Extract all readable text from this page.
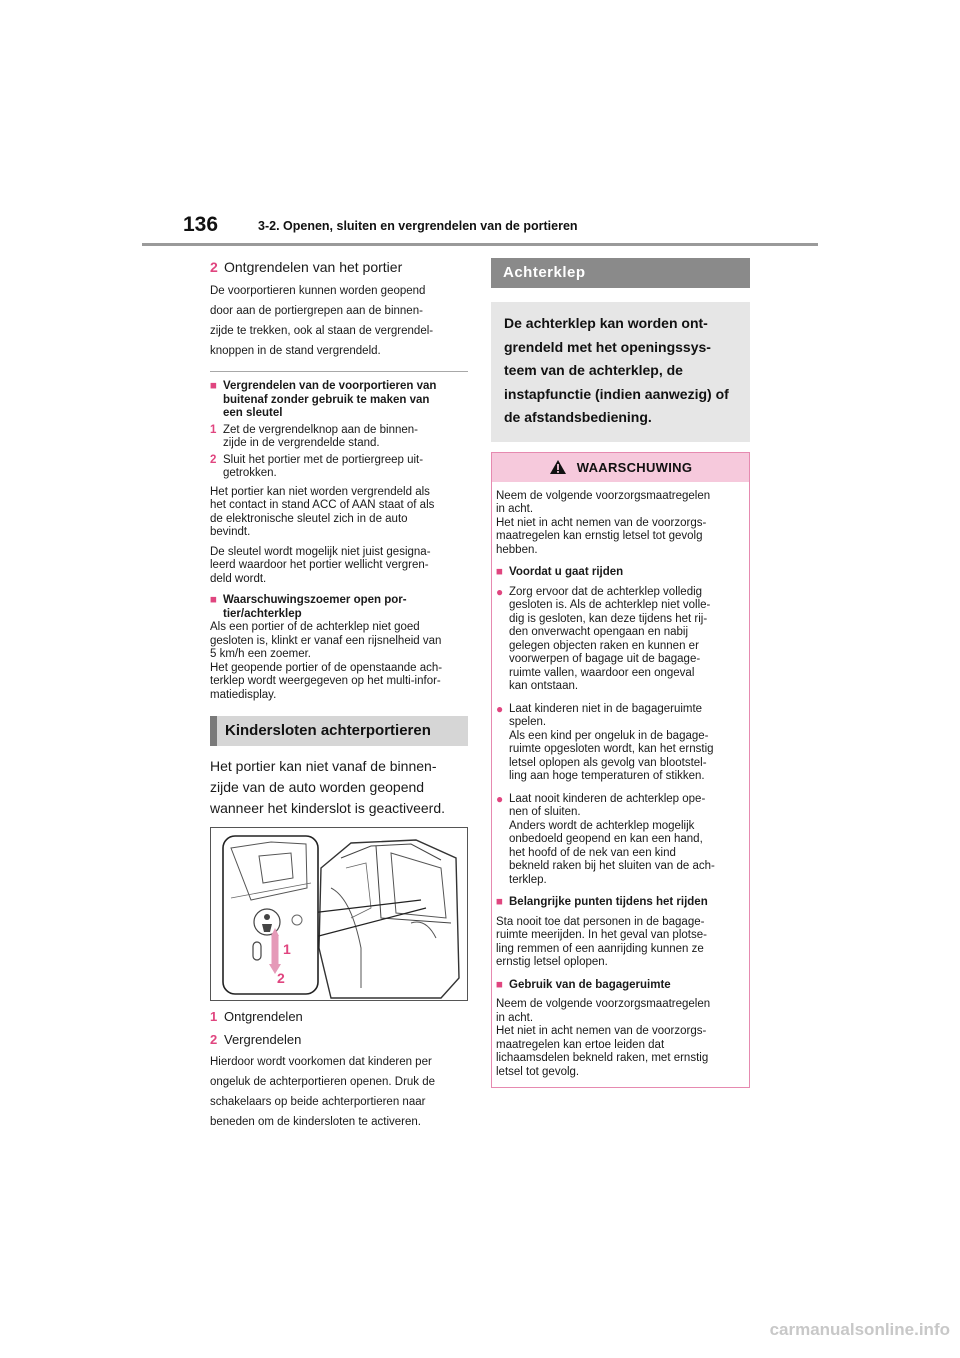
136	3-2. Openen, sluiten en vergrendelen van de portieren
2 Ontgrendelen van het portier

De voorportieren kunnen worden geopend
door aan de portiergrepen aan de binnen-
zijde te trekken, ook al staan de vergrendel-
knoppen in de stand vergrendeld.

■ Vergrendelen van de voorportieren van
buitenaf zonder gebruik te maken van
een sleutel
1 Zet de vergrendelknop aan de binnen-
zijde in de vergrendelde stand.
2 Sluit het portier met de portiergreep uit-
getrokken.

Het portier kan niet worden vergrendeld als
het contact in stand ACC of AAN staat of als
de elektronische sleutel zich in de auto
bevindt.

De sleutel wordt mogelijk niet juist gesigna-
leerd waardoor het portier wellicht vergren-
deld wordt.

■ Waarschuwingszoemer open por-
tier/achterklep

Als een portier of de achterklep niet goed
gesloten is, klinkt er vanaf een rijsnelheid van
5 km/h een zoemer.
Het geopende portier of de openstaande ach-
terklep wordt weergegeven op het multi-infor-
matiedisplay.

Kindersloten achterportieren

Het portier kan niet vanaf de binnen-
zijde van de auto worden geopend
wanneer het kinderslot is geactiveerd.

1
2
1 Ontgrendelen
2 Vergrendelen

Hierdoor wordt voorkomen dat kinderen per
ongeluk de achterportieren openen. Druk de
schakelaars op beide achterportieren naar
beneden om de kindersloten te activeren.

Achterklep
De achterklep kan worden ont-
grendeld met het openingssys-
teem van de achterklep, de
instapfunctie (indien aanwezig) of
de afstandsbediening.
WAARSCHUWING

Neem de volgende voorzorgsmaatregelen
in acht.
Het niet in acht nemen van de voorzorgs-
maatregelen kan ernstig letsel tot gevolg
hebben.

■ Voordat u gaat rijden
● Zorg ervoor dat de achterklep volledig
gesloten is. Als de achterklep niet volle-
dig is gesloten, kan deze tijdens het rij-
den onverwacht opengaan en nabij
gelegen objecten raken en kunnen er
voorwerpen of bagage uit de bagage-
ruimte vallen, waardoor een ongeval
kan ontstaan.
● Laat kinderen niet in de bagageruimte
spelen.
Als een kind per ongeluk in de bagage-
ruimte opgesloten wordt, kan het ernstig
letsel oplopen als gevolg van blootstel-
ling aan hoge temperaturen of stikken.
● Laat nooit kinderen de achterklep ope-
nen of sluiten.
Anders wordt de achterklep mogelijk
onbedoeld geopend en kan een hand,
het hoofd of de nek van een kind
bekneld raken bij het sluiten van de ach-
terklep.
■ Belangrijke punten tijdens het rijden

Sta nooit toe dat personen in de bagage-
ruimte meerijden. In het geval van plotse-
ling remmen of een aanrijding kunnen ze
ernstig letsel oplopen.

■ Gebruik van de bagageruimte

Neem de volgende voorzorgsmaatregelen
in acht.
Het niet in acht nemen van de voorzorgs-
maatregelen kan ertoe leiden dat
lichaamsdelen bekneld raken, met ernstig
letsel tot gevolg.

carmanualsonline.info
